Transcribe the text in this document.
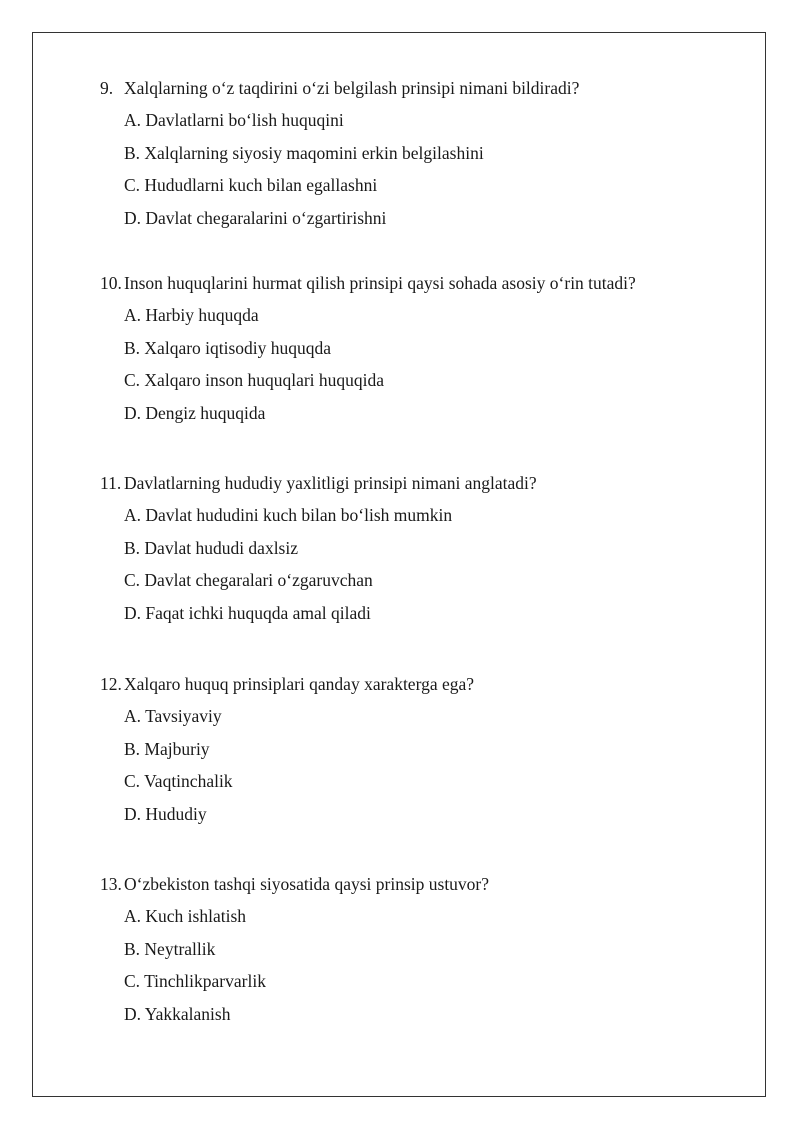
9. Xalqlarning o‘z taqdirini o‘zi belgilash prinsipi nimani bildiradi?
A. Davlatlarni bo‘lish huquqini
B. Xalqlarning siyosiy maqomini erkin belgilashini
C. Hududlarni kuch bilan egallashni
D. Davlat chegaralarini o‘zgartirishni
10. Inson huquqlarini hurmat qilish prinsipi qaysi sohada asosiy o‘rin tutadi?
A. Harbiy huquqda
B. Xalqaro iqtisodiy huquqda
C. Xalqaro inson huquqlari huquqida
D. Dengiz huquqida
11. Davlatlarning hududiy yaxlitligi prinsipi nimani anglatadi?
A. Davlat hududini kuch bilan bo‘lish mumkin
B. Davlat hududi daxlsiz
C. Davlat chegaralari o‘zgaruvchan
D. Faqat ichki huquqda amal qiladi
12. Xalqaro huquq prinsiplari qanday xarakterga ega?
A. Tavsiyaviy
B. Majburiy
C. Vaqtinchalik
D. Hududiy
13. O‘zbekiston tashqi siyosatida qaysi prinsip ustuvor?
A. Kuch ishlatish
B. Neytrallik
C. Tinchlikparvarlik
D. Yakkalanish
